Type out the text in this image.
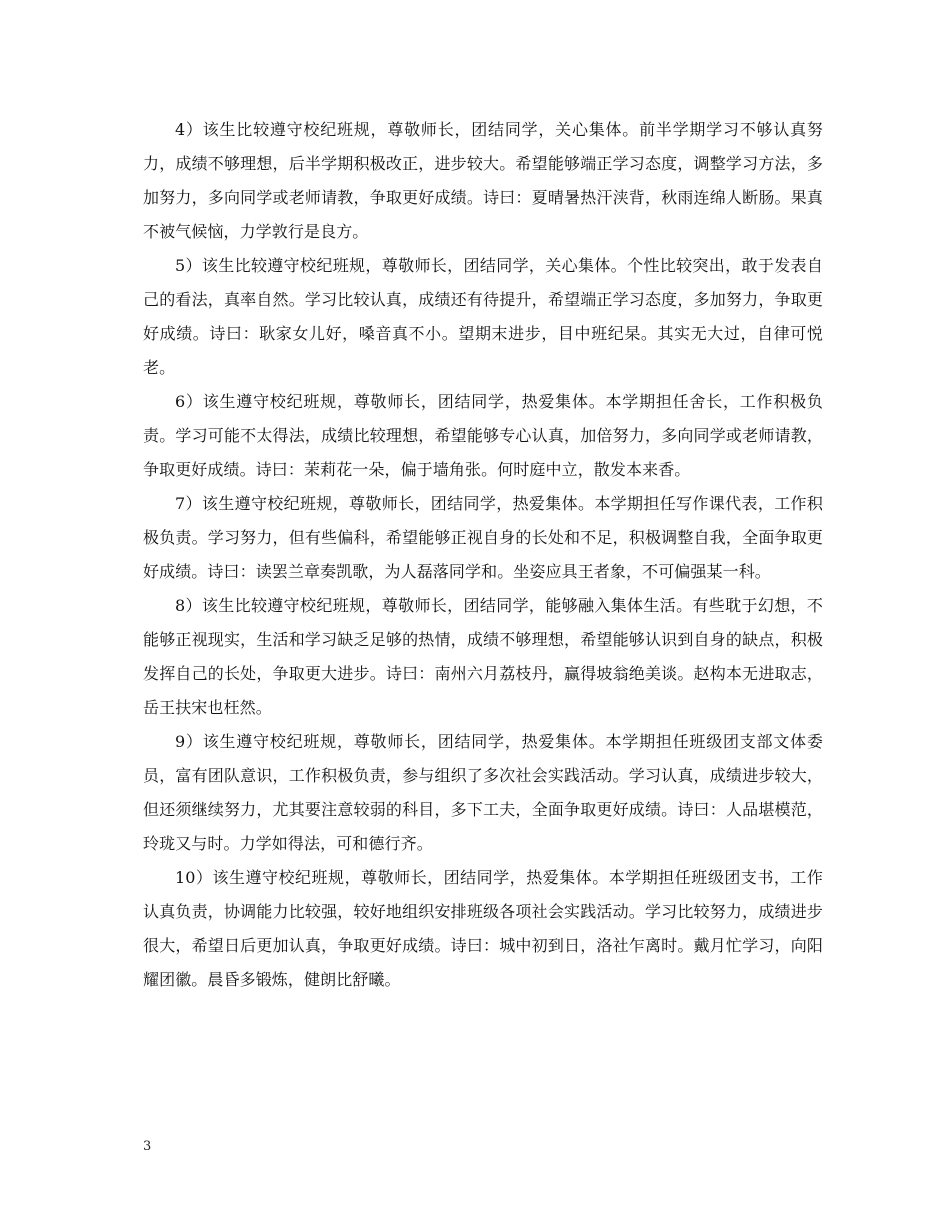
4）该生比较遵守校纪班规，尊敬师长，团结同学，关心集体。前半学期学习不够认真努力，成绩不够理想，后半学期积极改正，进步较大。希望能够端正学习态度，调整学习方法，多加努力，多向同学或老师请教，争取更好成绩。诗曰：夏晴暑热汗浃背，秋雨连绵人断肠。果真不被气候恼，力学敦行是良方。

5）该生比较遵守校纪班规，尊敬师长，团结同学，关心集体。个性比较突出，敢于发表自己的看法，真率自然。学习比较认真，成绩还有待提升，希望端正学习态度，多加努力，争取更好成绩。诗曰：耿家女儿好，嗓音真不小。望期末进步，目中班纪杲。其实无大过，自律可悦老。

6）该生遵守校纪班规，尊敬师长，团结同学，热爱集体。本学期担任舍长，工作积极负责。学习可能不太得法，成绩比较理想，希望能够专心认真，加倍努力，多向同学或老师请教，争取更好成绩。诗曰：茉莉花一朵，偏于墙角张。何时庭中立，散发本来香。

7）该生遵守校纪班规，尊敬师长，团结同学，热爱集体。本学期担任写作课代表，工作积极负责。学习努力，但有些偏科，希望能够正视自身的长处和不足，积极调整自我，全面争取更好成绩。诗曰：读罢兰章奏凯歌，为人磊落同学和。坐姿应具王者象，不可偏强某一科。

8）该生比较遵守校纪班规，尊敬师长，团结同学，能够融入集体生活。有些耽于幻想，不能够正视现实，生活和学习缺乏足够的热情，成绩不够理想，希望能够认识到自身的缺点，积极发挥自己的长处，争取更大进步。诗曰：南州六月荔枝丹，赢得坡翁绝美谈。赵构本无进取志，岳王扶宋也枉然。

9）该生遵守校纪班规，尊敬师长，团结同学，热爱集体。本学期担任班级团支部文体委员，富有团队意识，工作积极负责，参与组织了多次社会实践活动。学习认真，成绩进步较大，但还须继续努力，尤其要注意较弱的科目，多下工夫，全面争取更好成绩。诗曰：人品堪模范，玲珑又与时。力学如得法，可和德行齐。

10）该生遵守校纪班规，尊敬师长，团结同学，热爱集体。本学期担任班级团支书，工作认真负责，协调能力比较强，较好地组织安排班级各项社会实践活动。学习比较努力，成绩进步很大，希望日后更加认真，争取更好成绩。诗曰：城中初到日，洛社乍离时。戴月忙学习，向阳耀团徽。晨昏多锻炼，健朗比舒曦。

3
